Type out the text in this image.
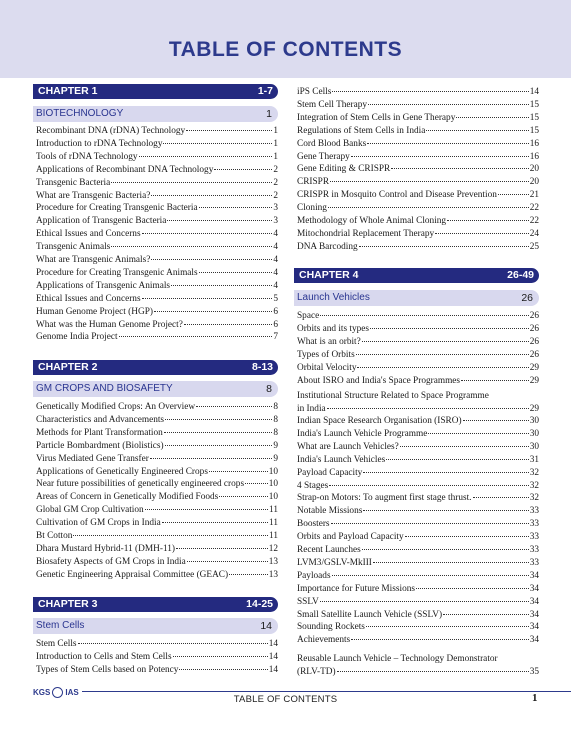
TABLE OF CONTENTS
CHAPTER 1	1-7
BIOTECHNOLOGY	1
Recombinant DNA (rDNA) Technology	1
Introduction to rDNA Technology	1
Tools of rDNA Technology	1
Applications of Recombinant DNA Technology	2
Transgenic Bacteria	2
What are Transgenic Bacteria?	2
Procedure for Creating Transgenic Bacteria	3
Application of Transgenic Bacteria	3
Ethical Issues and Concerns	4
Transgenic Animals	4
What are Transgenic Animals?	4
Procedure for Creating Transgenic Animals	4
Applications of Transgenic Animals	4
Ethical Issues and Concerns	5
Human Genome Project (HGP)	6
What was the Human Genome Project?	6
Genome India Project	7
CHAPTER 2	8-13
GM CROPS AND BIOSAFETY	8
Genetically Modified Crops: An Overview	8
Characteristics and Advancements	8
Methods for Plant Transformation	8
Particle Bombardment (Biolistics)	9
Virus Mediated Gene Transfer	9
Applications of Genetically Engineered Crops	10
Near future possibilities of genetically engineered crops	10
Areas of Concern in Genetically Modified Foods	10
Global GM Crop Cultivation	11
Cultivation of GM Crops in India	11
Bt Cotton	11
Dhara Mustard Hybrid-11 (DMH-11)	12
Biosafety Aspects of GM Crops in India	13
Genetic Engineering Appraisal Committee (GEAC)	13
CHAPTER 3	14-25
Stem Cells	14
Stem Cells	14
Introduction to Cells and Stem Cells	14
Types of Stem Cells based on Potency	14
iPS Cells	14
Stem Cell Therapy	15
Integration of Stem Cells in Gene Therapy	15
Regulations of Stem Cells in India	15
Cord Blood Banks	16
Gene Therapy	16
Gene Editing & CRISPR	20
CRISPR	20
CRISPR in Mosquito Control and Disease Prevention	21
Cloning	22
Methodology of Whole Animal Cloning	22
Mitochondrial Replacement Therapy	24
DNA Barcoding	25
CHAPTER 4	26-49
Launch Vehicles	26
Space	26
Orbits and its types	26
What is an orbit?	26
Types of Orbits	26
Orbital Velocity	29
About ISRO and India's Space Programmes	29
Institutional Structure Related to Space Programme
in India	29
Indian Space Research Organisation (ISRO)	30
India's Launch Vehicle Programme	30
What are Launch Vehicles?	30
India's Launch Vehicles	31
Payload Capacity	32
4 Stages	32
Strap-on Motors: To augment first stage thrust.	32
Notable Missions	33
Boosters	33
Orbits and Payload Capacity	33
Recent Launches	33
LVM3/GSLV-MkIII	33
Payloads	34
Importance for Future Missions	34
SSLV	34
Small Satellite Launch Vehicle (SSLV)	34
Sounding Rockets	34
Achievements	34
Reusable Launch Vehicle – Technology Demonstrator
(RLV-TD)	35
KGS IAS
TABLE OF CONTENTS	1
